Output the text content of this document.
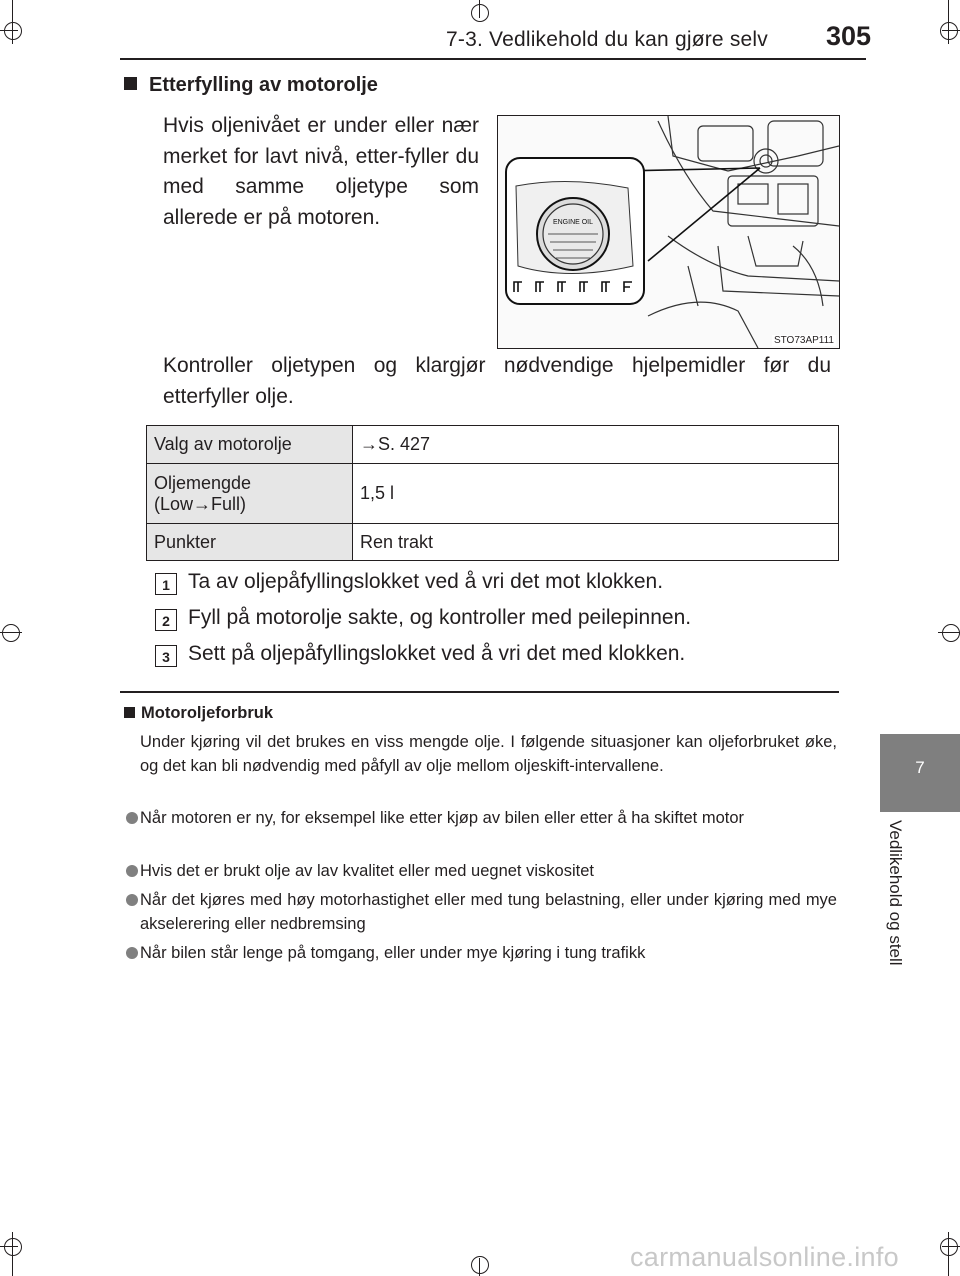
7-3. Vedlikehold du kan gjøre selv 305
7
Vedlikehold og stell
Etterfylling av motorolje
Hvis oljenivået er under eller nær merket for lavt nivå, etter-fyller du med samme oljetype som allerede er på motoren.	ENGINE OIL
STO73AP111
Kontroller oljetypen og klargjør nødvendige hjelpemidler før du etterfyller olje.
Valg av motorolje	→S. 427
Oljemengde (Low→Full)	1,5 l
Punkter	Ren trakt
1 Ta av oljepåfyllingslokket ved å vri det mot klokken.
2 Fyll på motorolje sakte, og kontroller med peilepinnen.
3 Sett på oljepåfyllingslokket ved å vri det med klokken.
Motoroljeforbruk
Under kjøring vil det brukes en viss mengde olje. I følgende situasjoner kan oljeforbruket øke, og det kan bli nødvendig med påfyll av olje mellom oljeskift-intervallene.
Når motoren er ny, for eksempel like etter kjøp av bilen eller etter å ha skiftet motor
Hvis det er brukt olje av lav kvalitet eller med uegnet viskositet
Når det kjøres med høy motorhastighet eller med tung belastning, eller under kjøring med mye akselerering eller nedbremsing
Når bilen står lenge på tomgang, eller under mye kjøring i tung trafikk
carmanualsonline.info
